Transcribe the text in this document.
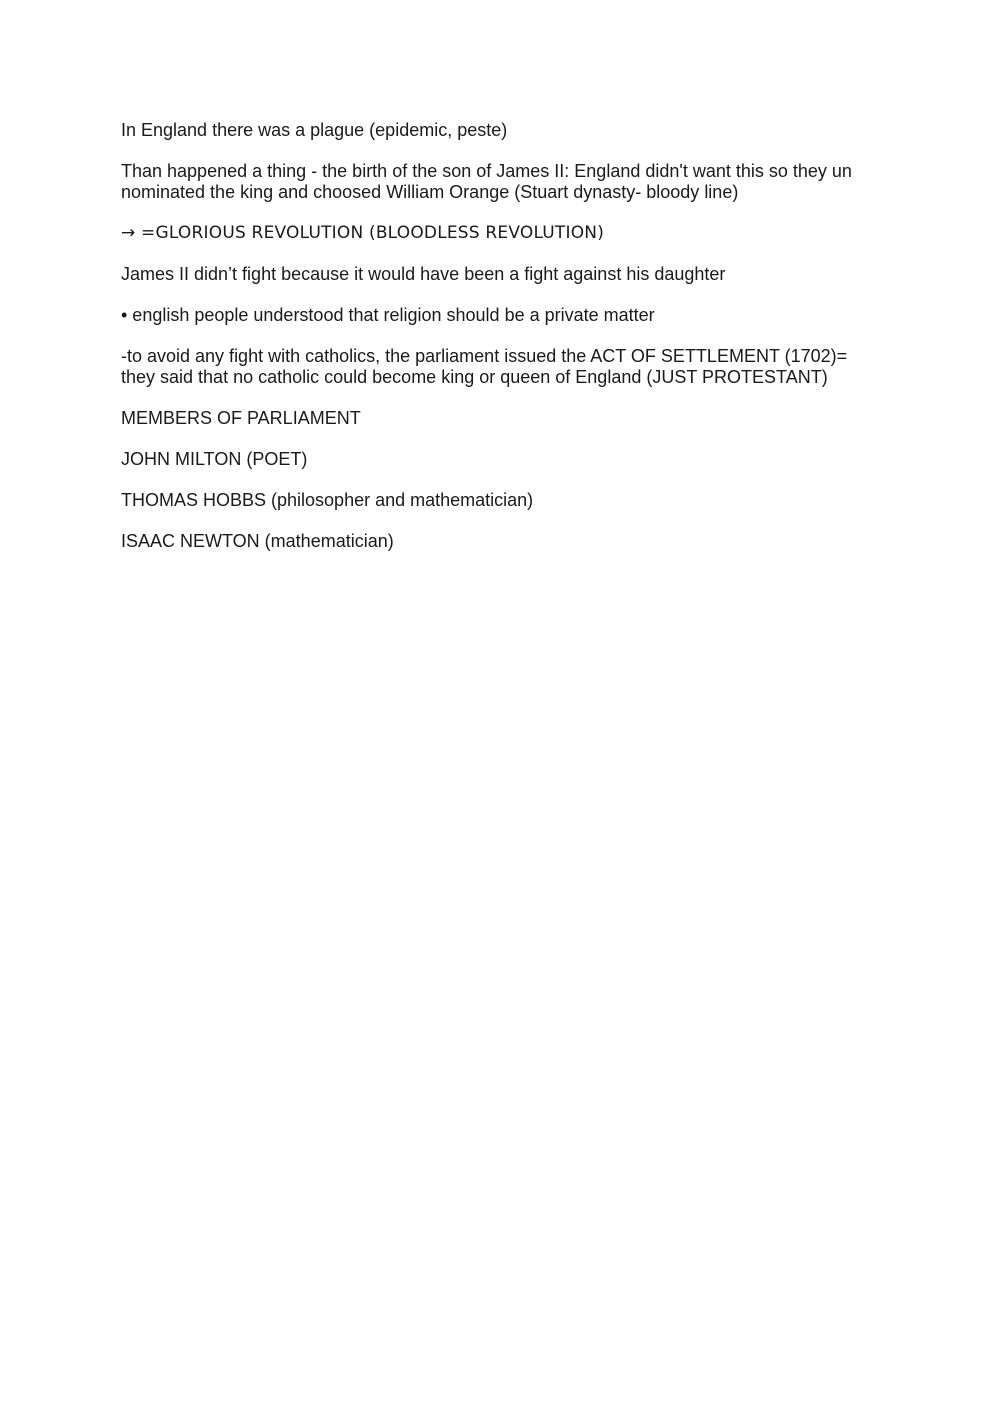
In England there was a plague (epidemic, peste)

Than happened a thing - the birth of the son of James II: England didn't want this so they un
nominated the king and choosed William Orange (Stuart dynasty- bloody line)

→ =GLORIOUS REVOLUTION (BLOODLESS REVOLUTION)

James II didn’t fight because it would have been a fight against his daughter

• english people understood that religion should be a private matter

-to avoid any fight with catholics, the parliament issued the ACT OF SETTLEMENT (1702)=
they said that no catholic could become king or queen of England (JUST PROTESTANT)

MEMBERS OF PARLIAMENT

JOHN MILTON (POET)

THOMAS HOBBS (philosopher and mathematician)

ISAAC NEWTON (mathematician)
